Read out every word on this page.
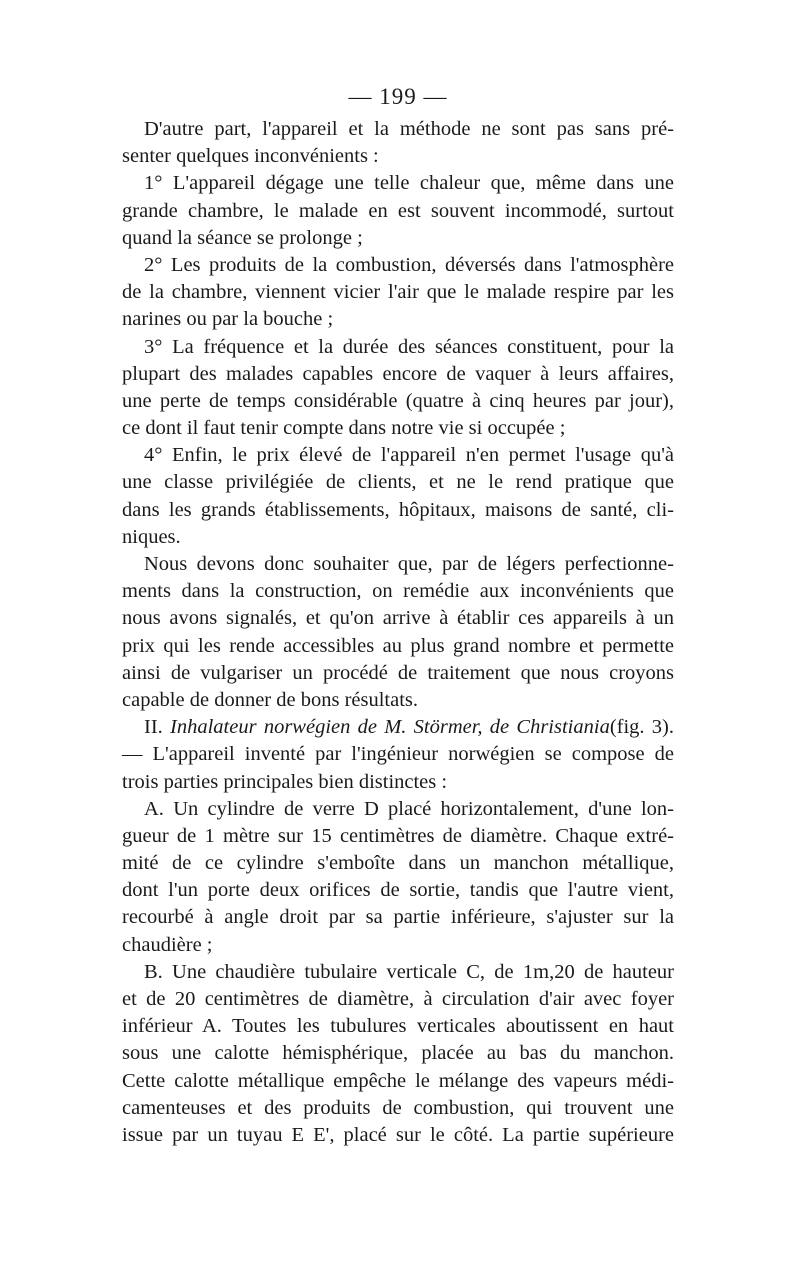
— 199 —
D'autre part, l'appareil et la méthode ne sont pas sans pré-
senter quelques inconvénients :
1° L'appareil dégage une telle chaleur que, même dans une
grande chambre, le malade en est souvent incommodé, surtout
quand la séance se prolonge ;
2° Les produits de la combustion, déversés dans l'atmosphère
de la chambre, viennent vicier l'air que le malade respire par les
narines ou par la bouche ;
3° La fréquence et la durée des séances constituent, pour la
plupart des malades capables encore de vaquer à leurs affaires,
une perte de temps considérable (quatre à cinq heures par jour),
ce dont il faut tenir compte dans notre vie si occupée ;
4° Enfin, le prix élevé de l'appareil n'en permet l'usage qu'à
une classe privilégiée de clients, et ne le rend pratique que
dans les grands établissements, hôpitaux, maisons de santé, cli-
niques.
Nous devons donc souhaiter que, par de légers perfectionne-
ments dans la construction, on remédie aux inconvénients que
nous avons signalés, et qu'on arrive à établir ces appareils à un
prix qui les rende accessibles au plus grand nombre et permette
ainsi de vulgariser un procédé de traitement que nous croyons
capable de donner de bons résultats.
II. Inhalateur norwégien de M. Störmer, de Christiania(fig. 3).
— L'appareil inventé par l'ingénieur norwégien se compose de
trois parties principales bien distinctes :
A. Un cylindre de verre D placé horizontalement, d'une lon-
gueur de 1 mètre sur 15 centimètres de diamètre. Chaque extré-
mité de ce cylindre s'emboîte dans un manchon métallique,
dont l'un porte deux orifices de sortie, tandis que l'autre vient,
recourbé à angle droit par sa partie inférieure, s'ajuster sur la
chaudière ;
B. Une chaudière tubulaire verticale C, de 1m,20 de hauteur
et de 20 centimètres de diamètre, à circulation d'air avec foyer
inférieur A. Toutes les tubulures verticales aboutissent en haut
sous une calotte hémisphérique, placée au bas du manchon.
Cette calotte métallique empêche le mélange des vapeurs médi-
camenteuses et des produits de combustion, qui trouvent une
issue par un tuyau E E', placé sur le côté. La partie supérieure
